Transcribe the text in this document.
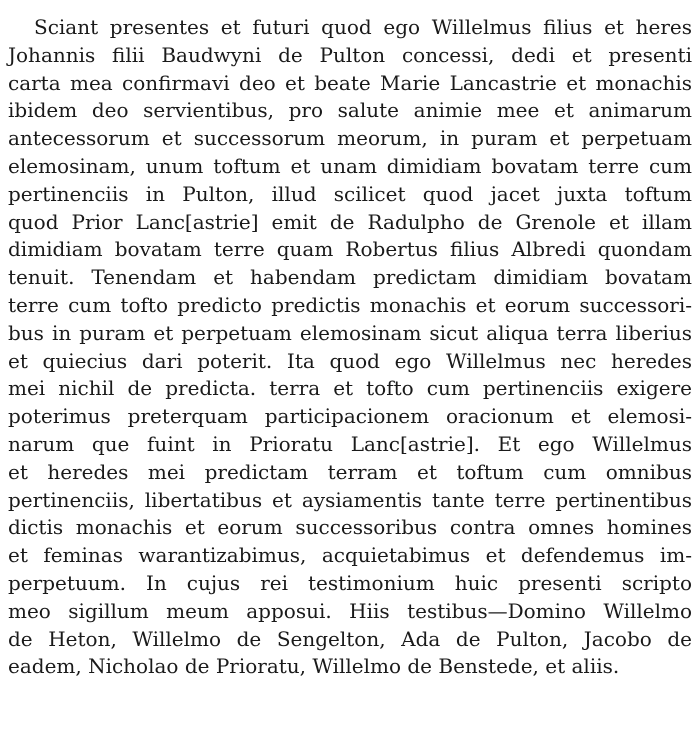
Sciant presentes et futuri quod ego Willelmus filius et heres
Johannis filii Baudwyni de Pulton concessi, dedi et presenti
carta mea confirmavi deo et beate Marie Lancastrie et monachis
ibidem deo servientibus, pro salute animie mee et animarum
antecessorum et successorum meorum, in puram et perpetuam
elemosinam, unum toftum et unam dimidiam bovatam terre cum
pertinenciis in Pulton, illud scilicet quod jacet juxta toftum
quod Prior Lanc[astrie] emit de Radulpho de Grenole et illam
dimidiam bovatam terre quam Robertus filius Albredi quondam
tenuit. Tenendam et habendam predictam dimidiam bovatam
terre cum tofto predicto predictis monachis et eorum successori-
bus in puram et perpetuam elemosinam sicut aliqua terra liberius
et quiecius dari poterit. Ita quod ego Willelmus nec heredes
mei nichil de predicta. terra et tofto cum pertinenciis exigere
poterimus preterquam participacionem oracionum et elemosi-
narum que fuint in Prioratu Lanc[astrie]. Et ego Willelmus
et heredes mei predictam terram et toftum cum omnibus
pertinenciis, libertatibus et aysiamentis tante terre pertinentibus
dictis monachis et eorum successoribus contra omnes homines
et feminas warantizabimus, acquietabimus et defendemus im-
perpetuum. In cujus rei testimonium huic presenti scripto
meo sigillum meum apposui. Hiis testibus—Domino Willelmo
de Heton, Willelmo de Sengelton, Ada de Pulton, Jacobo de
eadem, Nicholao de Prioratu, Willelmo de Benstede, et aliis.
